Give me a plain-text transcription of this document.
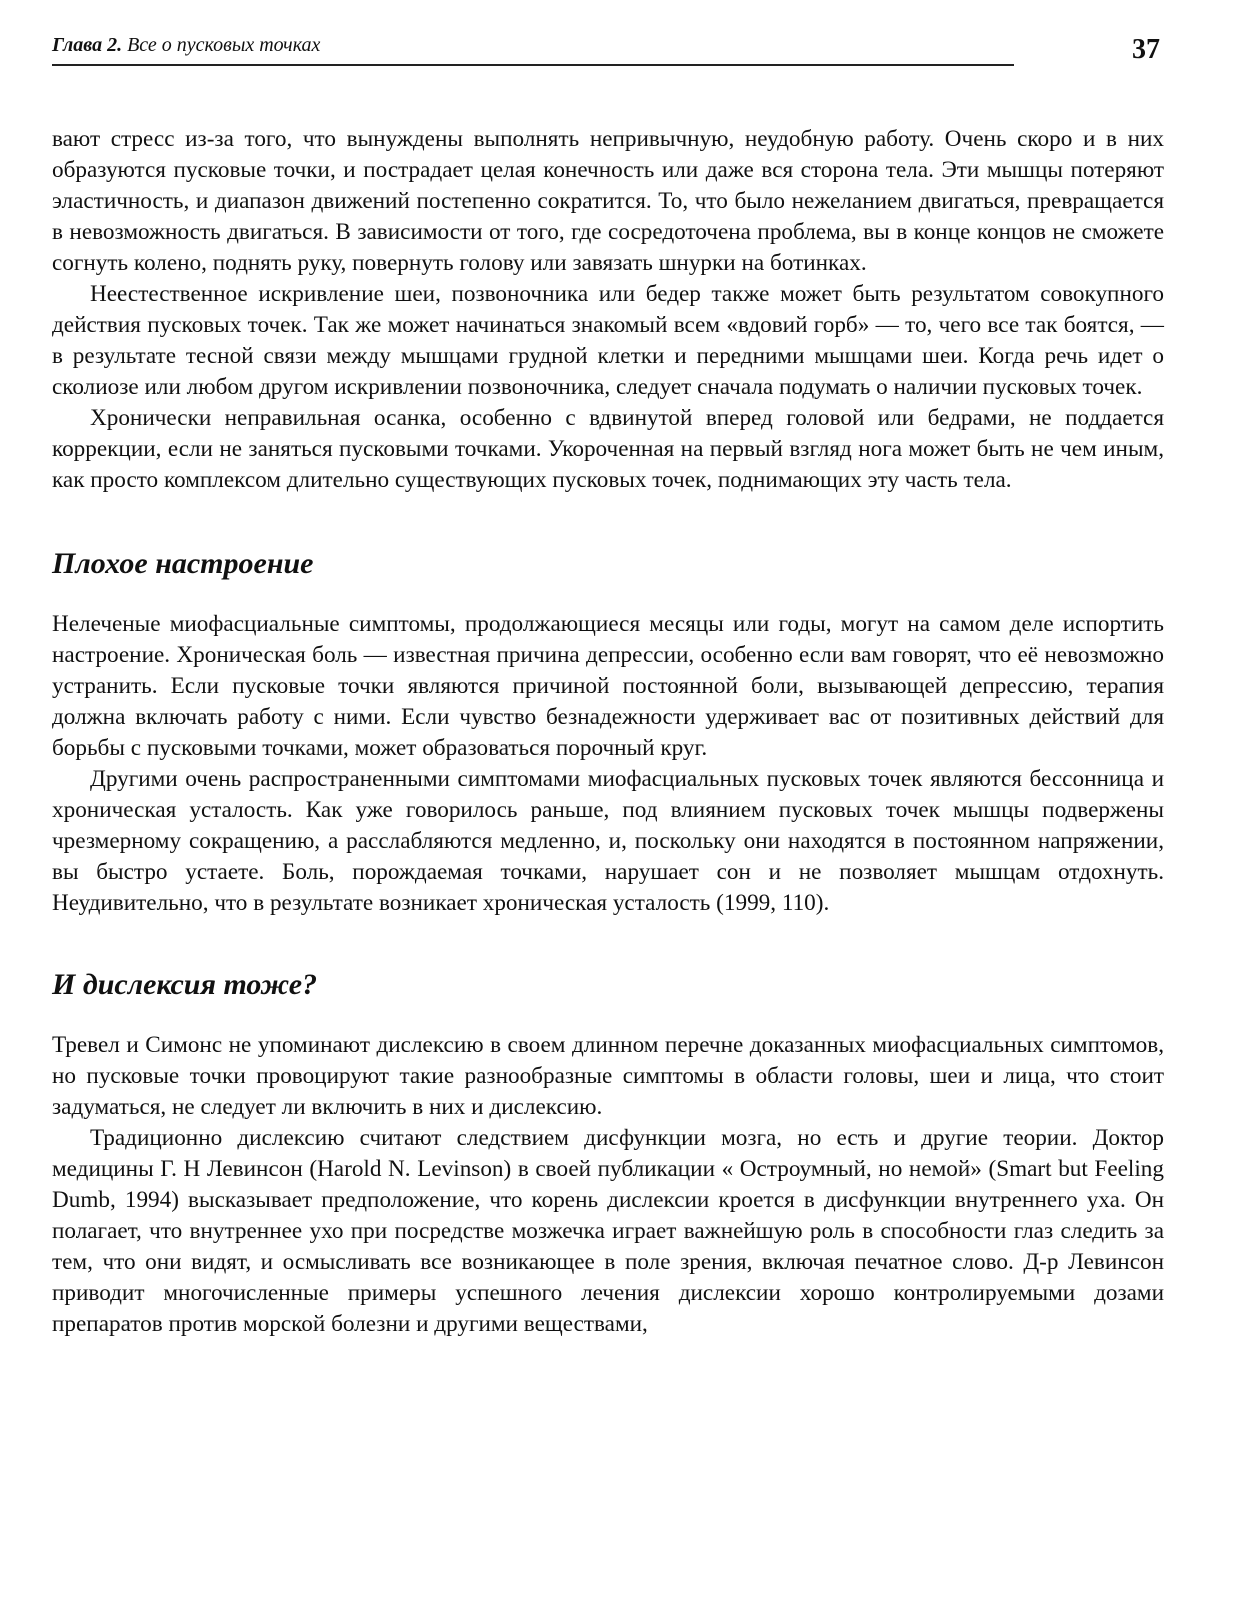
Глава 2. Все о пусковых точках	37

вают стресс из-за того, что вынуждены выполнять непривычную, неудобную работу. Очень скоро и в них образуются пусковые точки, и пострадает целая конечность или даже вся сторона тела. Эти мышцы потеряют эластичность, и диапазон движений постепенно сократится. То, что было нежеланием двигаться, превращается в невозможность двигаться. В зависимости от того, где сосредоточена проблема, вы в конце концов не сможете согнуть колено, поднять руку, повернуть голову или завязать шнурки на ботинках.

Неестественное искривление шеи, позвоночника или бедер также может быть результатом совокупного действия пусковых точек. Так же может начинаться знакомый всем «вдовий горб» — то, чего все так боятся, — в результате тесной связи между мышцами грудной клетки и передними мышцами шеи. Когда речь идет о сколиозе или любом другом искривлении позвоночника, следует сначала подумать о наличии пусковых точек.

Хронически неправильная осанка, особенно с вдвинутой вперед головой или бедрами, не поддается коррекции, если не заняться пусковыми точками. Укороченная на первый взгляд нога может быть не чем иным, как просто комплексом длительно существующих пусковых точек, поднимающих эту часть тела.

Плохое настроение

Нелеченые миофасциальные симптомы, продолжающиеся месяцы или годы, могут на самом деле испортить настроение. Хроническая боль — известная причина депрессии, особенно если вам говорят, что её невозможно устранить. Если пусковые точки являются причиной постоянной боли, вызывающей депрессию, терапия должна включать работу с ними. Если чувство безнадежности удерживает вас от позитивных действий для борьбы с пусковыми точками, может образоваться порочный круг.

Другими очень распространенными симптомами миофасциальных пусковых точек являются бессонница и хроническая усталость. Как уже говорилось раньше, под влиянием пусковых точек мышцы подвержены чрезмерному сокращению, а расслабляются медленно, и, поскольку они находятся в постоянном напряжении, вы быстро устаете. Боль, порождаемая точками, нарушает сон и не позволяет мышцам отдохнуть. Неудивительно, что в результате возникает хроническая усталость (1999, 110).

И дислексия тоже?

Тревел и Симонс не упоминают дислексию в своем длинном перечне доказанных миофасциальных симптомов, но пусковые точки провоцируют такие разнообразные симптомы в области головы, шеи и лица, что стоит задуматься, не следует ли включить в них и дислексию.

Традиционно дислексию считают следствием дисфункции мозга, но есть и другие теории. Доктор медицины Г. Н Левинсон (Harold N. Levinson) в своей публикации « Остроумный, но немой» (Smart but Feeling Dumb, 1994) высказывает предположение, что корень дислексии кроется в дисфункции внутреннего уха. Он полагает, что внутреннее ухо при посредстве мозжечка играет важнейшую роль в способности глаз следить за тем, что они видят, и осмысливать все возникающее в поле зрения, включая печатное слово. Д-р Левинсон приводит многочисленные примеры успешного лечения дислексии хорошо контролируемыми дозами препаратов против морской болезни и другими веществами,
